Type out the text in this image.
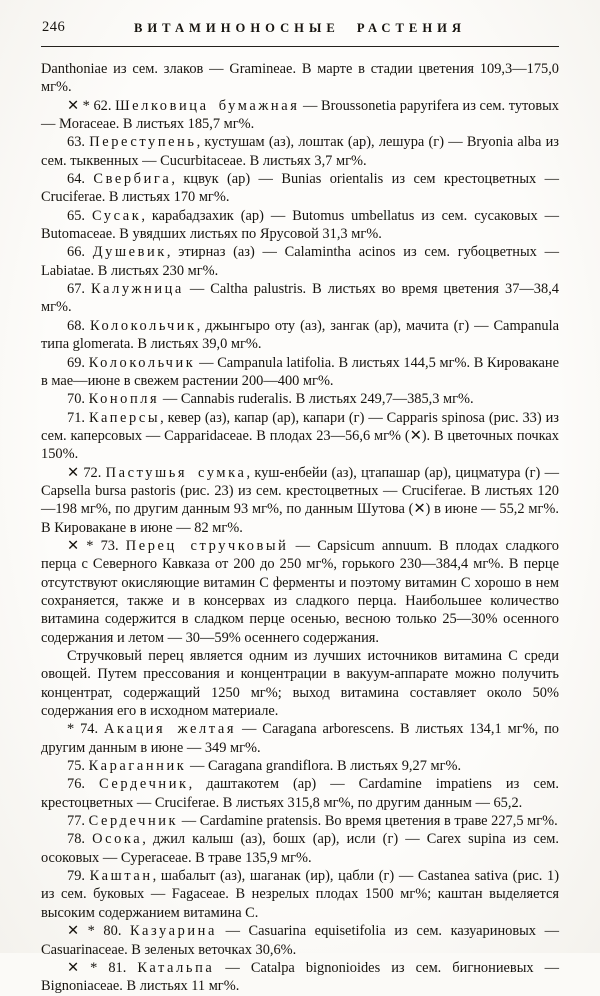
246	ВИТАМИНОНОСНЫЕ РАСТЕНИЯ

Danthoniae из сем. злаков — Gramineae. В марте в стадии цветения 109,3—175,0 мг%.

✕ * 62. Шелковица бумажная — Broussonetia papyrifera из сем. тутовых — Moraceae. В листьях 185,7 мг%.

63. Переступень, кустушам (аз), лоштак (ар), лешура (г) — Bryonia alba из сем. тыквенных — Cucurbitaceae. В листьях 3,7 мг%.

64. Свербига, кцвук (ар) — Bunias orientalis из сем крестоцветных — Cruciferae. В листьях 170 мг%.

65. Сусак, карабадзахик (ар) — Butomus umbellatus из сем. сусаковых — Butomaceae. В увядших листьях по Ярусовой 31,3 мг%.

66. Душевик, этирназ (аз) — Calamintha acinos из сем. губоцветных — Labiatae. В листьях 230 мг%.

67. Калужница — Caltha palustris. В листьях во время цветения 37—38,4 мг%.

68. Колокольчик, джынгыро оту (аз), зангак (ар), мачита (г) — Campanula типа glomerata. В листьях 39,0 мг%.

69. Колокольчик — Campanula latifolia. В листьях 144,5 мг%. В Кировакане в мае—июне в свежем растении 200—400 мг%.

70. Конопля — Cannabis ruderalis. В листьях 249,7—385,3 мг%.

71. Каперсы, кевер (аз), капар (ар), капари (г) — Capparis spinosa (рис. 33) из сем. каперсовых — Capparidaceae. В плодах 23—56,6 мг% (✕). В цветочных почках 150%.

✕ 72. Пастушья сумка, куш-енбейи (аз), цтапашар (ар), цицматура (г) — Capsella bursa pastoris (рис. 23) из сем. крестоцветных — Cruciferae. В листьях 120—198 мг%, по другим данным 93 мг%, по данным Шутова (✕) в июне — 55,2 мг%. В Кировакане в июне — 82 мг%.

✕ * 73. Перец стручковый — Capsicum annuum. В плодах сладкого перца с Северного Кавказа от 200 до 250 мг%, горького 230—384,4 мг%. В перце отсутствуют окисляющие витамин С ферменты и поэтому витамин С хорошо в нем сохраняется, также и в консервах из сладкого перца. Наибольшее количество витамина содержится в сладком перце осенью, весною только 25—30% осенного содержания и летом — 30—59% осеннего содержания.

Стручковый перец является одним из лучших источников витамина С среди овощей. Путем прессования и концентрации в вакуум-аппарате можно получить концентрат, содержащий 1250 мг%; выход витамина составляет около 50% содержания его в исходном материале.

* 74. Акация желтая — Caragana arborescens. В листьях 134,1 мг%, по другим данным в июне — 349 мг%.

75. Караганник — Caragana grandiflora. В листьях 9,27 мг%.

76. Сердечник, даштакотем (ар) — Cardamine impatiens из сем. крестоцветных — Cruciferae. В листьях 315,8 мг%, по другим данным — 65,2.

77. Сердечник — Cardamine pratensis. Во время цветения в траве 227,5 мг%.

78. Осока, джил калыш (аз), бошх (ар), исли (г) — Carex supina из сем. осоковых — Cyperaceae. В траве 135,9 мг%.

79. Каштан, шабалыт (аз), шаганак (ир), цабли (г) — Castanea sativa (рис. 1) из сем. буковых — Fagaceae. В незрелых плодах 1500 мг%; каштан выделяется высоким содержанием витамина С.

✕ * 80. Казуарина — Casuarina equisetifolia из сем. казуариновых — Casuarinaceae. В зеленых веточках 30,6%.

✕ * 81. Катальпа — Catalpa bignonioides из сем. бигнониевых — Bignoniaceae. В листьях 11 мг%.
